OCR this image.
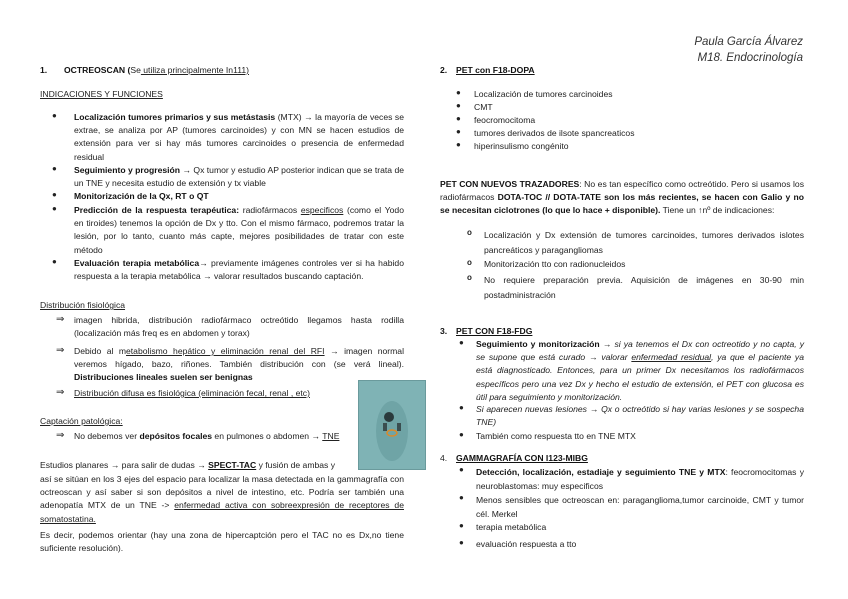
Paula García Álvarez
M18. Endocrinología
1. OCTREOSCAN (Se utiliza principalmente In111)
INDICACIONES Y FUNCIONES
● Localización tumores primarios y sus metástasis (MTX) → la mayoría de veces se extrae, se analiza por AP (tumores carcinoides) y con MN se hacen estudios de extensión para ver si hay más tumores carcinoides o presencia de enfermedad residual
● Seguimiento y progresión → Qx tumor y estudio AP posterior indican que se trata de un TNE y necesita estudio de extensión y tx viable
● Monitorización de la Qx, RT o QT
● Predicción de la respuesta terapéutica: radiofármacos especificos (como el Yodo en tiroides) tenemos la opción de Dx y tto. Con el mismo fármaco, podremos tratar la lesión, por lo tanto, cuanto más capte, mejores posibilidades de tratar con este método
● Evaluación terapia metabólica→ previamente imágenes controles ver si ha habido respuesta a la terapia metabólica → valorar resultados buscando captación.
Distribución fisiológica
⇒ imagen hibrida, distribución radiofármaco octreótido llegamos hasta rodilla (localización más freq es en abdomen y torax)
⇒ Debido al metabolismo hepático y eliminación renal del RFI → imagen normal veremos hígado, bazo, riñones. También distribución con (se verá lineal). Distribuciones lineales suelen ser benignas
⇒ Distribución difusa es fisiológica (eliminación fecal, renal , etc)
Captación patológica:
⇒ No debemos ver depósitos focales en pulmones o abdomen → TNE
Estudios planares → para salir de dudas → SPECT-TAC y fusión de ambas y
así se sitúan en los 3 ejes del espacio para localizar la masa detectada en la gammagrafía con octreoscan y así saber si son depósitos a nivel de intestino, etc. Podría ser también una adenopatía MTX de un TNE -> enfermedad activa con sobreexpresión de receptores de somatostatina.
Es decir, podemos orientar (hay una zona de hipercaptción pero el TAC no es Dx,no tiene suficiente resolución).
2. PET con F18-DOPA
● Localización de tumores carcinoides
● CMT
● feocromocitoma
● tumores derivados de ilsote spancreaticos
● hiperinsulismo congénito
PET CON NUEVOS TRAZADORES: No es tan específico como octreótido. Pero si usamos los radiofármacos DOTA-TOC // DOTA-TATE son los más recientes, se hacen con Galio y no se necesitan ciclotrones (lo que lo hace + disponible). Tiene un ↑nº de indicaciones:
o Localización y Dx extensión de tumores carcinoides, tumores derivados islotes pancreáticos y paragangliomas
o Monitorización tto con radionucleidos
o No requiere preparación previa. Aquisición de imágenes en 30-90 min postadministración
3. PET CON F18-FDG
● Seguimiento y monitorización → si ya tenemos el Dx con octreotido y no capta, y se supone que está curado → valorar enfermedad residual, ya que el paciente ya está diagnosticado. Entonces, para un primer Dx necesitamos los radiofármacos específicos pero una vez Dx y hecho el estudio de extensión, el PET con glucosa es útil para seguimiento y monitorización.
● Si aparecen nuevas lesiones → Qx o octreótido si hay varias lesiones y se sospecha TNE)
● También como respuesta tto en TNE MTX
4. GAMMAGRAFÍA CON I123-MIBG
● Detección, localización, estadiaje y seguimiento TNE y MTX: feocromocitomas y neuroblastomas: muy especificos
● Menos sensibles que octreoscan en: paraganglioma,tumor carcinoide, CMT y tumor cél. Merkel
● terapia metabólica
● evaluación respuesta a tto
